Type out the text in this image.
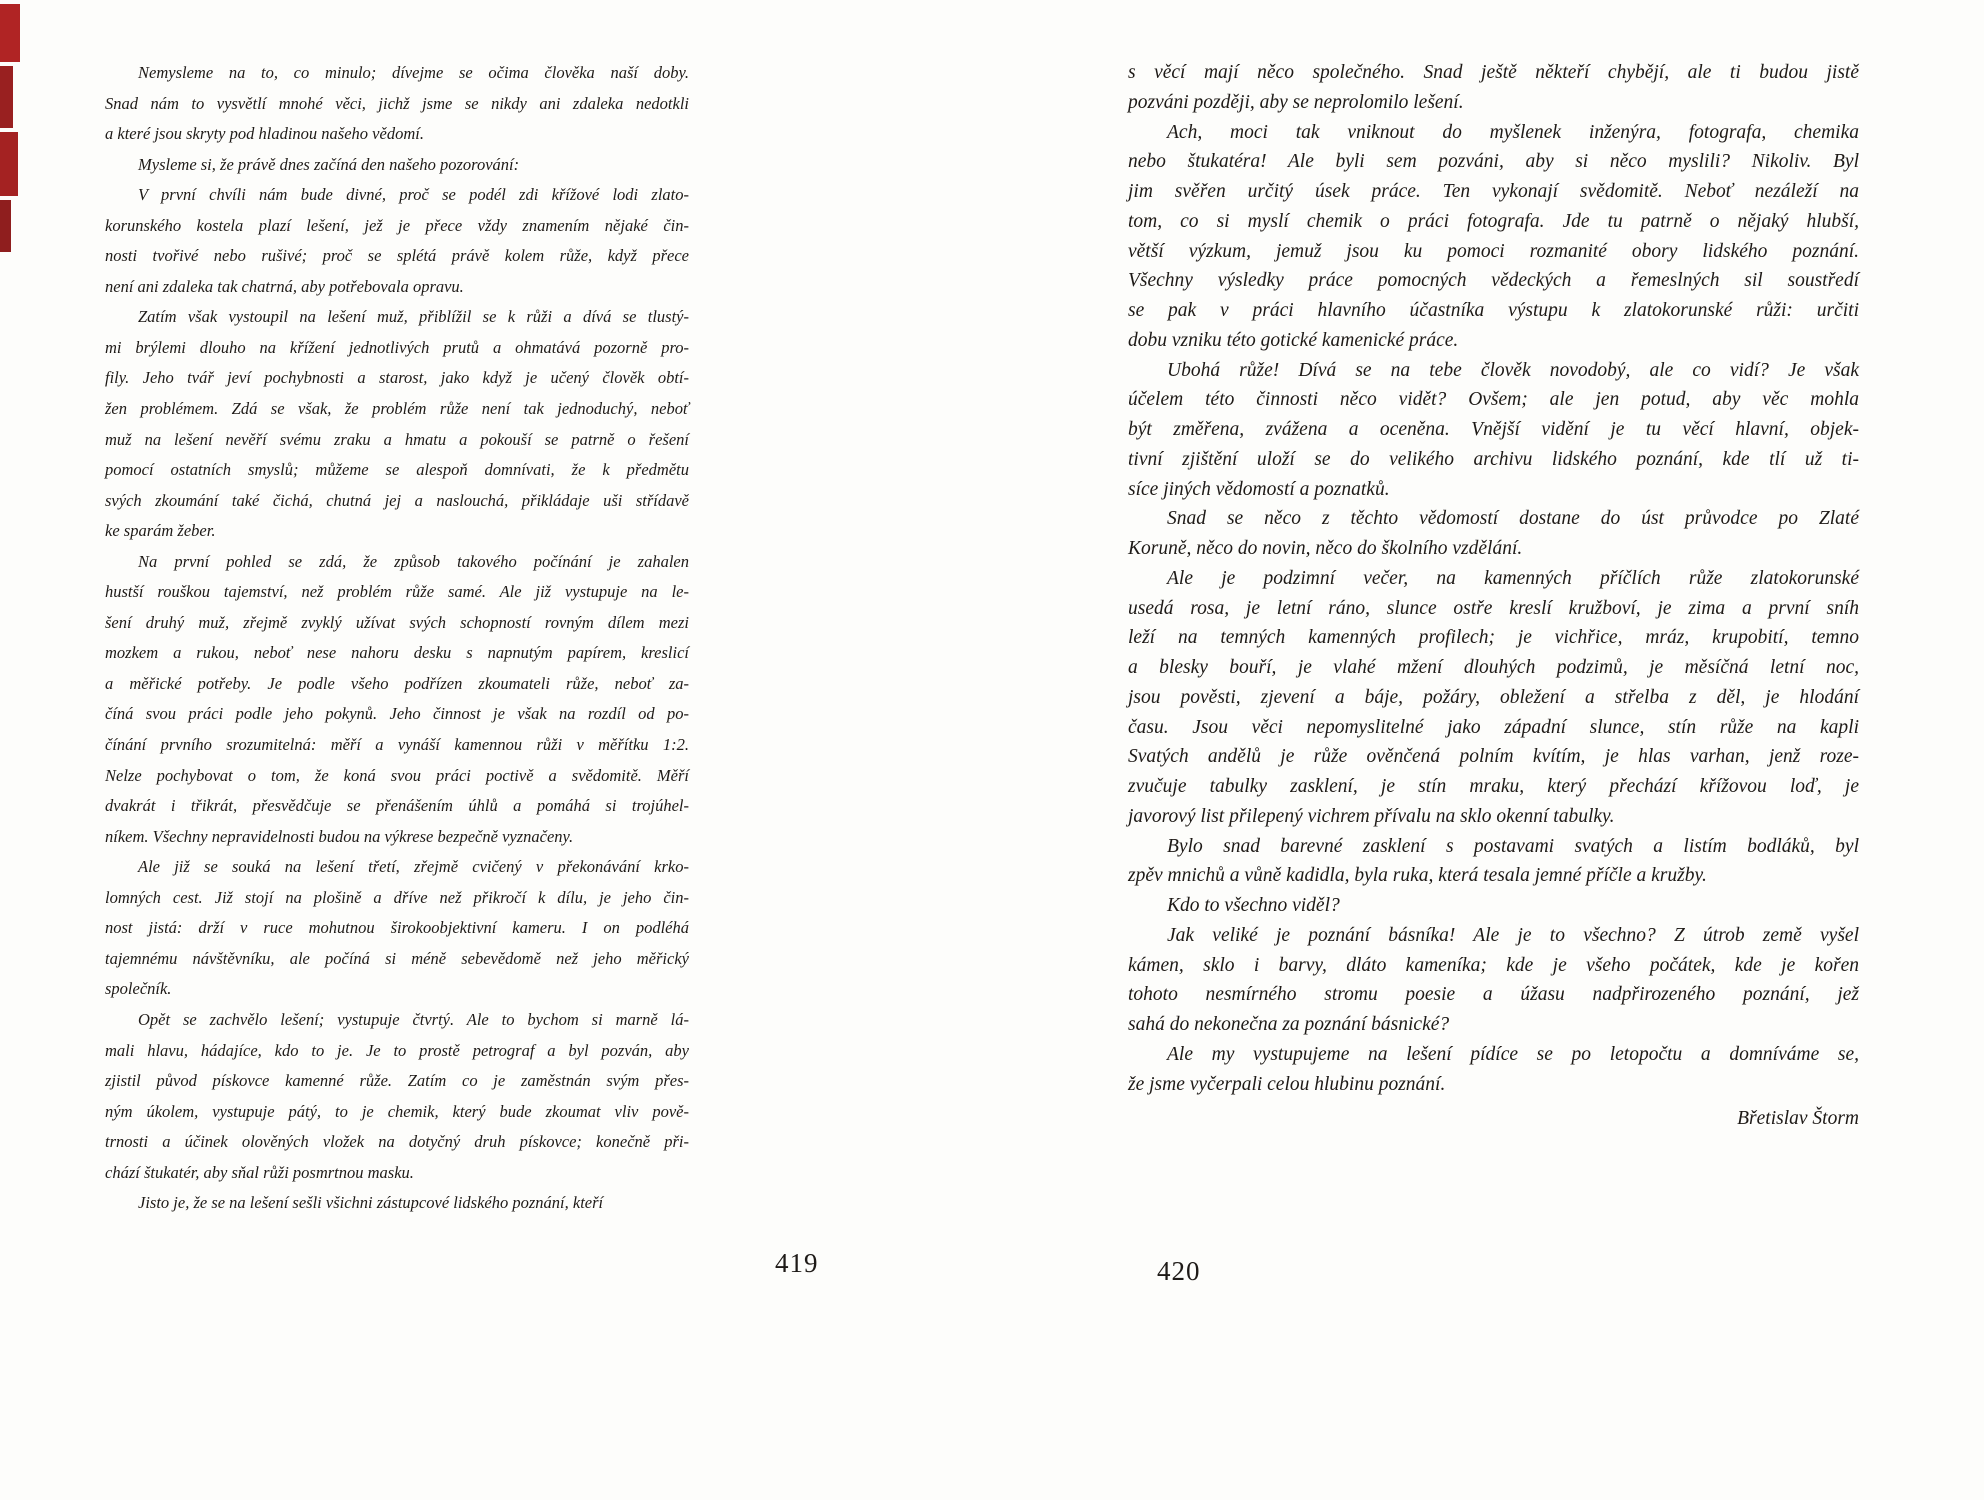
Nemysleme na to, co minulo; dívejme se očima člověka naší doby.
Snad nám to vysvětlí mnohé věci, jichž jsme se nikdy ani zdaleka nedotkli
a které jsou skryty pod hladinou našeho vědomí.
Mysleme si, že právě dnes začíná den našeho pozorování:
V první chvíli nám bude divné, proč se podél zdi křížové lodi zlato-
korunského kostela plazí lešení, jež je přece vždy znamením nějaké čin-
nosti tvořivé nebo rušivé; proč se splétá právě kolem růže, když přece
není ani zdaleka tak chatrná, aby potřebovala opravu.
Zatím však vystoupil na lešení muž, přiblížil se k růži a dívá se tlustý-
mi brýlemi dlouho na křížení jednotlivých prutů a ohmatává pozorně pro-
fily. Jeho tvář jeví pochybnosti a starost, jako když je učený člověk obtí-
žen problémem. Zdá se však, že problém růže není tak jednoduchý, neboť
muž na lešení nevěří svému zraku a hmatu a pokouší se patrně o řešení
pomocí ostatních smyslů; můžeme se alespoň domnívati, že k předmětu
svých zkoumání také čichá, chutná jej a naslouchá, přikládaje uši střídavě
ke sparám žeber.
Na první pohled se zdá, že způsob takového počínání je zahalen
hustší rouškou tajemství, než problém růže samé. Ale již vystupuje na le-
šení druhý muž, zřejmě zvyklý užívat svých schopností rovným dílem mezi
mozkem a rukou, neboť nese nahoru desku s napnutým papírem, kreslicí
a měřické potřeby. Je podle všeho podřízen zkoumateli růže, neboť za-
číná svou práci podle jeho pokynů. Jeho činnost je však na rozdíl od po-
čínání prvního srozumitelná: měří a vynáší kamennou růži v měřítku 1:2.
Nelze pochybovat o tom, že koná svou práci poctivě a svědomitě. Měří
dvakrát i třikrát, přesvědčuje se přenášením úhlů a pomáhá si trojúhel-
níkem. Všechny nepravidelnosti budou na výkrese bezpečně vyznačeny.
Ale již se souká na lešení třetí, zřejmě cvičený v překonávání krko-
lomných cest. Již stojí na plošině a dříve než přikročí k dílu, je jeho čin-
nost jistá: drží v ruce mohutnou širokoobjektivní kameru. I on podléhá
tajemnému návštěvníku, ale počíná si méně sebevědomě než jeho měřický
společník.
Opět se zachvělo lešení; vystupuje čtvrtý. Ale to bychom si marně lá-
mali hlavu, hádajíce, kdo to je. Je to prostě petrograf a byl pozván, aby
zjistil původ pískovce kamenné růže. Zatím co je zaměstnán svým přes-
ným úkolem, vystupuje pátý, to je chemik, který bude zkoumat vliv pově-
trnosti a účinek olověných vložek na dotyčný druh pískovce; konečně při-
chází štukatér, aby sňal růži posmrtnou masku.
Jisto je, že se na lešení sešli všichni zástupcové lidského poznání, kteří
s věcí mají něco společného. Snad ještě někteří chybějí, ale ti budou jistě
pozváni později, aby se neprolomilo lešení.
Ach, moci tak vniknout do myšlenek inženýra, fotografa, chemika
nebo štukatéra! Ale byli sem pozváni, aby si něco myslili? Nikoliv. Byl
jim svěřen určitý úsek práce. Ten vykonají svědomitě. Neboť nezáleží na
tom, co si myslí chemik o práci fotografa. Jde tu patrně o nějaký hlubší,
větší výzkum, jemuž jsou ku pomoci rozmanité obory lidského poznání.
Všechny výsledky práce pomocných vědeckých a řemeslných sil soustředí
se pak v práci hlavního účastníka výstupu k zlatokorunské růži: určiti
dobu vzniku této gotické kamenické práce.
Ubohá růže! Dívá se na tebe člověk novodobý, ale co vidí? Je však
účelem této činnosti něco vidět? Ovšem; ale jen potud, aby věc mohla
být změřena, zvážena a oceněna. Vnější vidění je tu věcí hlavní, objek-
tivní zjištění uloží se do velikého archivu lidského poznání, kde tlí už ti-
síce jiných vědomostí a poznatků.
Snad se něco z těchto vědomostí dostane do úst průvodce po Zlaté
Koruně, něco do novin, něco do školního vzdělání.
Ale je podzimní večer, na kamenných příčlích růže zlatokorunské
usedá rosa, je letní ráno, slunce ostře kreslí kružboví, je zima a první sníh
leží na temných kamenných profilech; je vichřice, mráz, krupobití, temno
a blesky bouří, je vlahé mžení dlouhých podzimů, je měsíčná letní noc,
jsou pověsti, zjevení a báje, požáry, obležení a střelba z děl, je hlodání
času. Jsou věci nepomyslitelné jako západní slunce, stín růže na kapli
Svatých andělů je růže ověnčená polním kvítím, je hlas varhan, jenž roze-
zvučuje tabulky zasklení, je stín mraku, který přechází křížovou loď, je
javorový list přilepený vichrem přívalu na sklo okenní tabulky.
Bylo snad barevné zasklení s postavami svatých a listím bodláků, byl
zpěv mnichů a vůně kadidla, byla ruka, která tesala jemné příčle a kružby.
Kdo to všechno viděl?
Jak veliké je poznání básníka! Ale je to všechno? Z útrob země vyšel
kámen, sklo i barvy, dláto kameníka; kde je všeho počátek, kde je kořen
tohoto nesmírného stromu poesie a úžasu nadpřirozeného poznání, jež
sahá do nekonečna za poznání básnické?
Ale my vystupujeme na lešení pídíce se po letopočtu a domníváme se,
že jsme vyčerpali celou hlubinu poznání.
Břetislav Štorm
419	420
